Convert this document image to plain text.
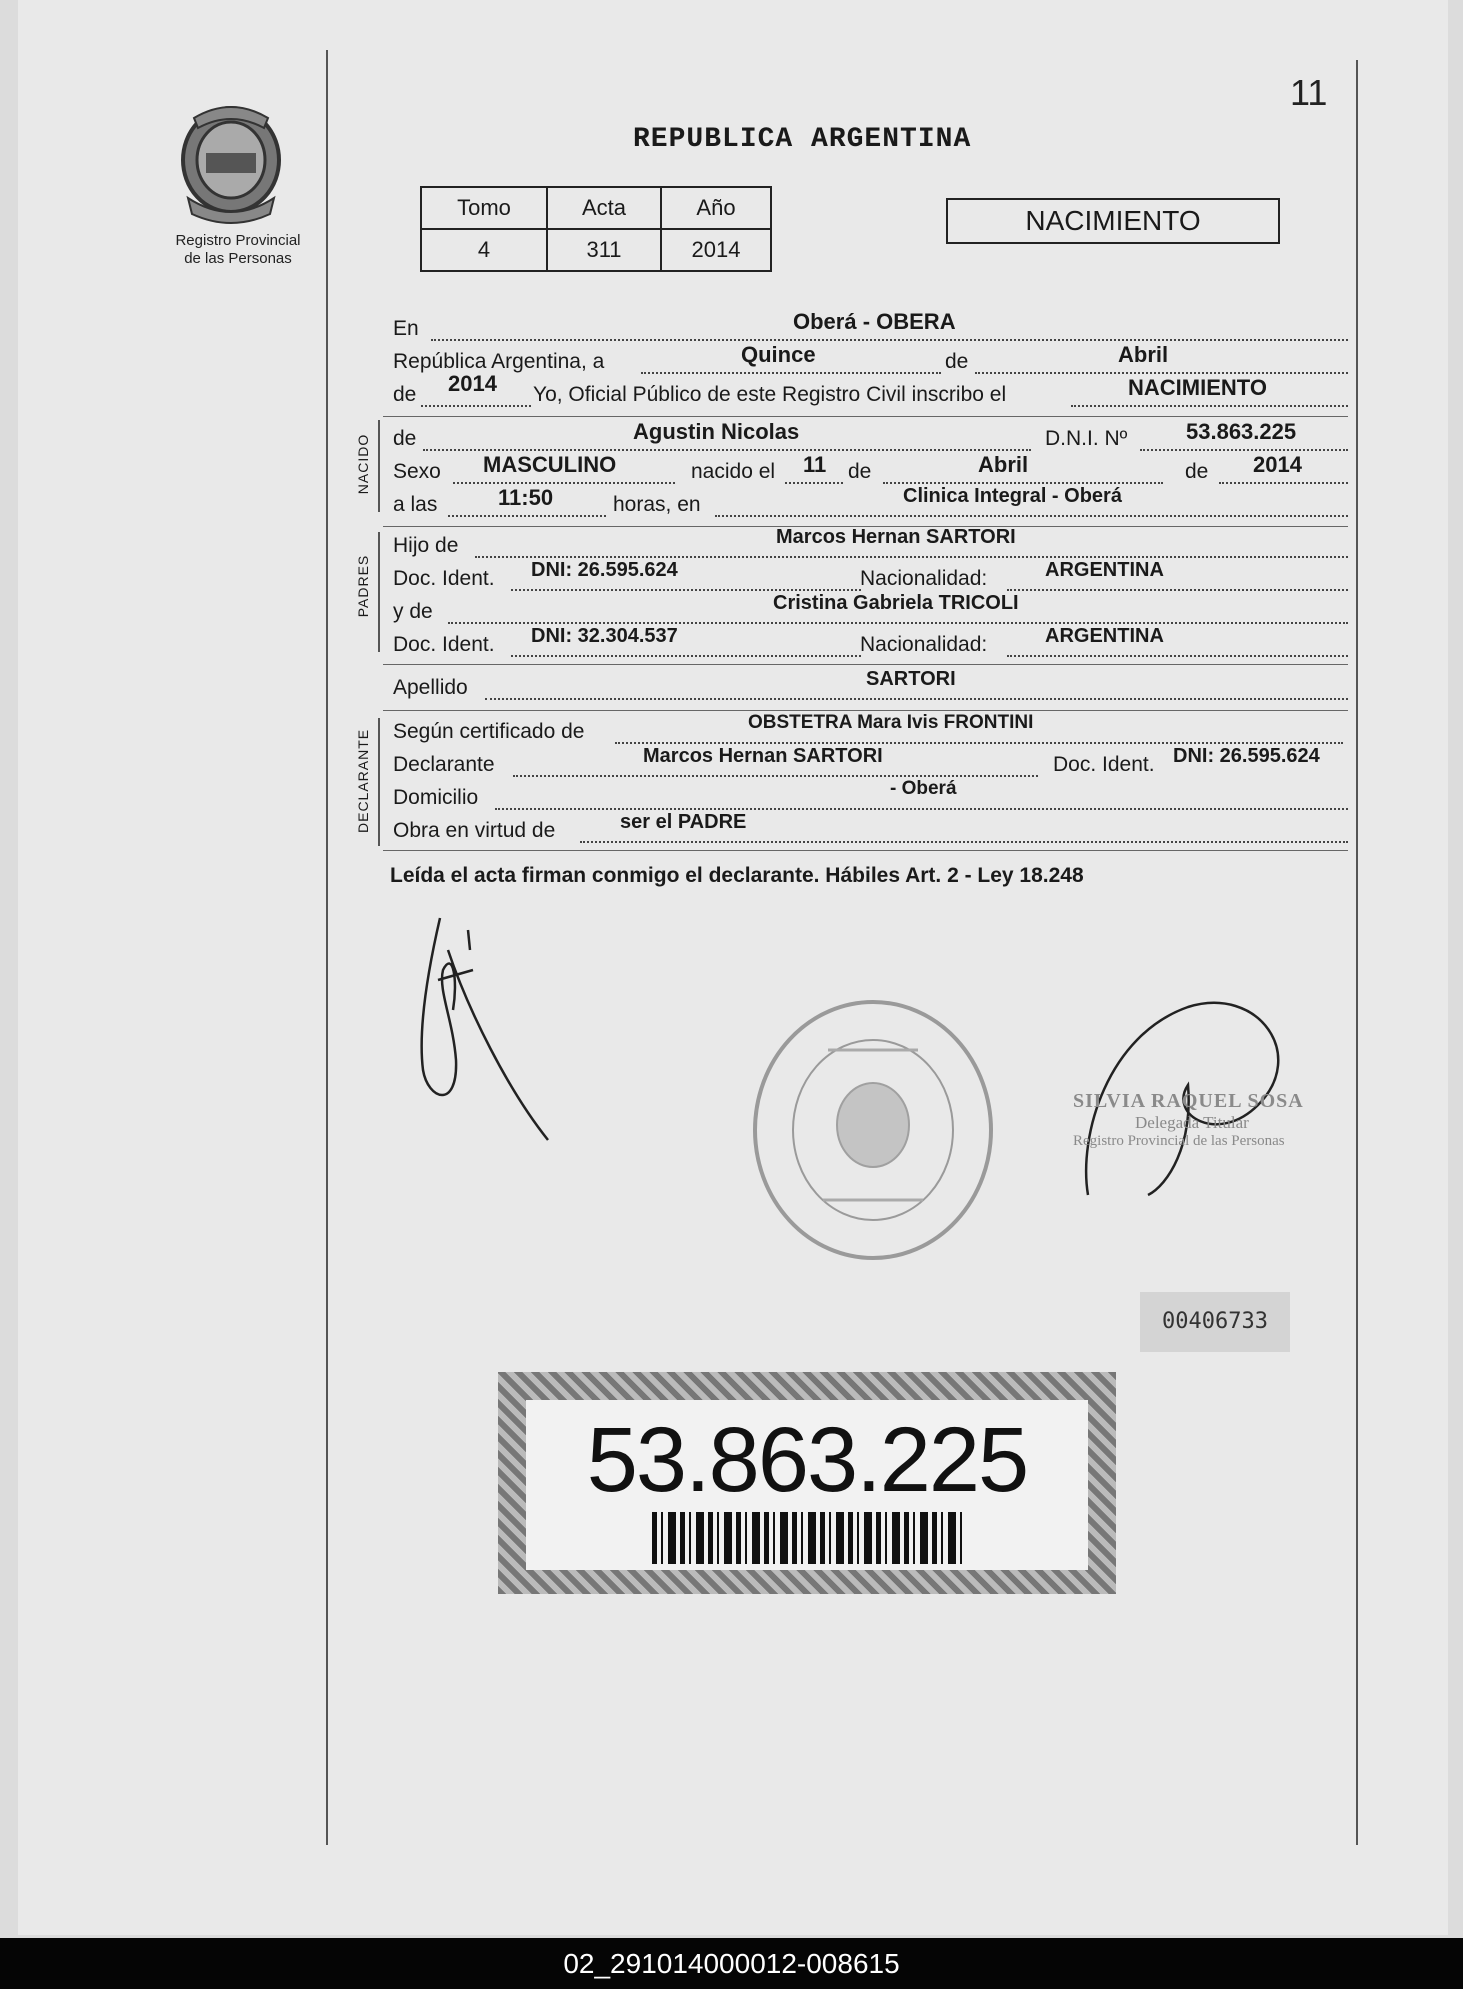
11
Registro Provincial
de las Personas
REPUBLICA ARGENTINA
Tomo	Acta	Año
4	311	2014
NACIMIENTO
En	Oberá - OBERA
República Argentina, a	Quince	de	Abril
de 2014 Yo, Oficial Público de este Registro Civil inscribo el	NACIMIENTO
NACIDO de	Agustin Nicolas	D.N.I. Nº	53.863.225
Sexo MASCULINO	nacido el 11 de	Abril	de 2014
a las	11:50	horas, en	Clinica Integral - Oberá
PADRES
Hijo de	Marcos Hernan SARTORI
Doc. Ident. DNI: 26.595.624	Nacionalidad:	ARGENTINA
y de	Cristina Gabriela TRICOLI
Doc. Ident. DNI: 32.304.537	Nacionalidad:	ARGENTINA
Apellido	SARTORI
DECLARANTE Según certificado de	OBSTETRA Mara Ivis FRONTINI
Declarante	Marcos Hernan SARTORI	Doc. Ident. DNI: 26.595.624
Domicilio	- Oberá
Obra en virtud de	ser el PADRE
Leída el acta firman conmigo el declarante. Hábiles Art. 2 - Ley 18.248
SILVIA RAQUEL SOSA
Delegada Titular
Registro Provincial de las Personas
00406733
53.863.225
02_291014000012-008615
